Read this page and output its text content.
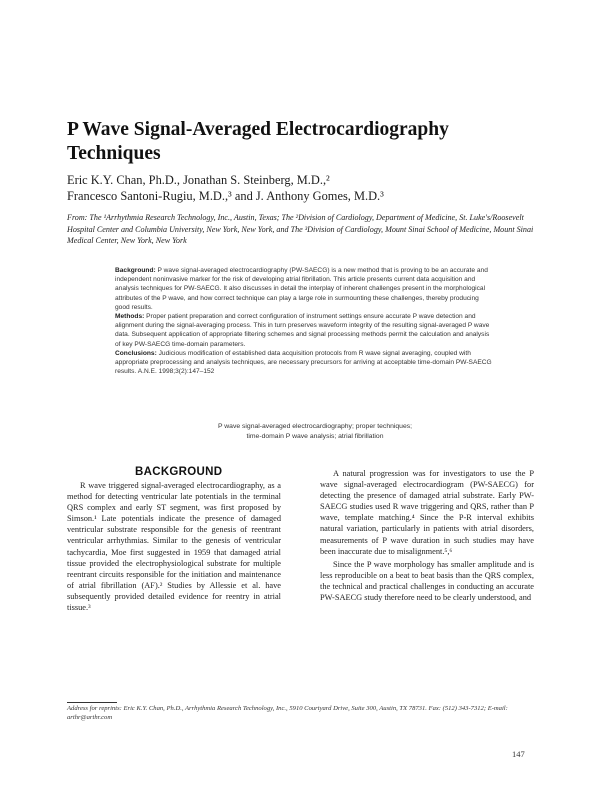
P Wave Signal-Averaged Electrocardiography Techniques
Eric K.Y. Chan, Ph.D., Jonathan S. Steinberg, M.D.,²
Francesco Santoni-Rugiu, M.D.,³ and J. Anthony Gomes, M.D.³
From: The ¹Arrhythmia Research Technology, Inc., Austin, Texas; The ²Division of Cardiology, Department of Medicine, St. Luke's/Roosevelt Hospital Center and Columbia University, New York, New York, and The ³Division of Cardiology, Mount Sinai School of Medicine, Mount Sinai Medical Center, New York, New York

Background: P wave signal-averaged electrocardiography (PW-SAECG) is a new method that is proving to be an accurate and independent noninvasive marker for the risk of developing atrial fibrillation. This article presents current data acquisition and analysis techniques for PW-SAECG. It also discusses in detail the interplay of inherent challenges present in the morphological attributes of the P wave, and how correct technique can play a large role in surmounting these challenges, thereby producing good results.

Methods: Proper patient preparation and correct configuration of instrument settings ensure accurate P wave detection and alignment during the signal-averaging process. This in turn preserves waveform integrity of the resulting signal-averaged P wave data. Subsequent application of appropriate filtering schemes and signal processing methods permit the calculation and analysis of key PW-SAECG time-domain parameters.

Conclusions: Judicious modification of established data acquisition protocols from R wave signal averaging, coupled with appropriate preprocessing and analysis techniques, are necessary precursors for arriving at acceptable time-domain PW-SAECG results. A.N.E. 1998;3(2):147–152

P wave signal-averaged electrocardiography; proper techniques;
time-domain P wave analysis; atrial fibrillation
BACKGROUND

R wave triggered signal-averaged electrocardiography, as a method for detecting ventricular late potentials in the terminal QRS complex and early ST segment, was first proposed by Simson.¹ Late potentials indicate the presence of damaged ventricular substrate responsible for the genesis of reentrant ventricular arrhythmias. Similar to the genesis of ventricular tachycardia, Moe first suggested in 1959 that damaged atrial tissue provided the electrophysiological substrate for multiple reentrant circuits responsible for the initiation and maintenance of atrial fibrillation (AF).² Studies by Allessie et al. have subsequently provided detailed evidence for reentry in atrial tissue.³

A natural progression was for investigators to use the P wave signal-averaged electrocardiogram (PW-SAECG) for detecting the presence of damaged atrial substrate. Early PW-SAECG studies used R wave triggering and QRS, rather than P wave, template matching.⁴ Since the P-R interval exhibits natural variation, particularly in patients with atrial disorders, measurements of P wave duration in such studies may have been inaccurate due to misalignment.⁵,⁶

Since the P wave morphology has smaller amplitude and is less reproducible on a beat to beat basis than the QRS complex, the technical and practical challenges in conducting an accurate PW-SAECG study therefore need to be clearly understood, and

Address for reprints: Eric K.Y. Chan, Ph.D., Arrhythmia Research Technology, Inc., 5910 Courtyard Drive, Suite 300, Austin, TX 78731. Fax: (512) 343-7312; E-mail: arthr@arthr.com
147
